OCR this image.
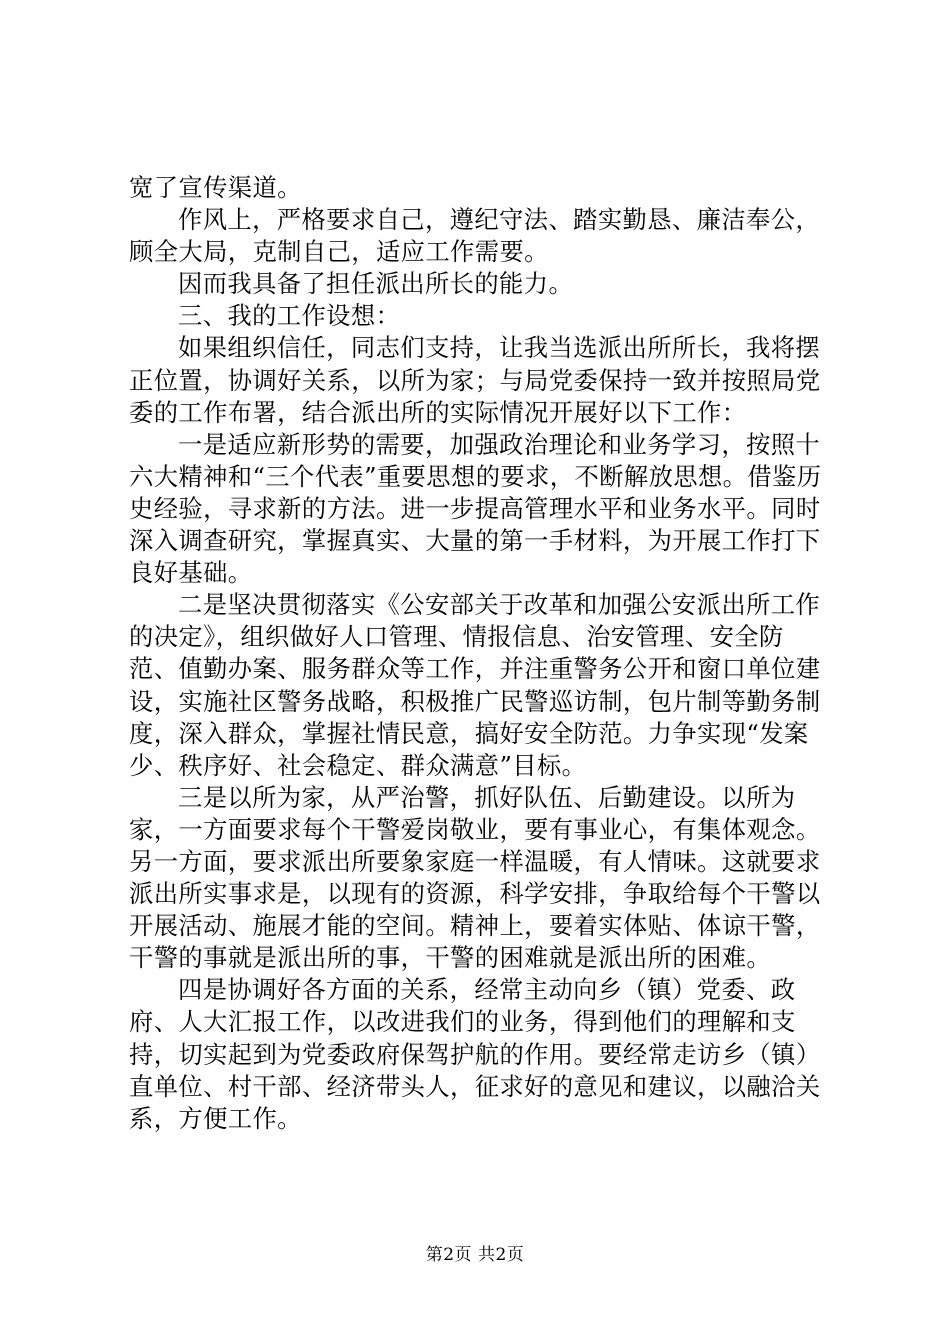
宽了宣传渠道。

作风上，严格要求自己，遵纪守法、踏实勤恳、廉洁奉公，顾全大局，克制自己，适应工作需要。

因而我具备了担任派出所长的能力。

三、我的工作设想：

如果组织信任，同志们支持，让我当选派出所所长，我将摆正位置，协调好关系，以所为家；与局党委保持一致并按照局党委的工作布署，结合派出所的实际情况开展好以下工作：

一是适应新形势的需要，加强政治理论和业务学习，按照十六大精神和“三个代表”重要思想的要求，不断解放思想。借鉴历史经验，寻求新的方法。进一步提高管理水平和业务水平。同时深入调查研究，掌握真实、大量的第一手材料，为开展工作打下良好基础。

二是坚决贯彻落实《公安部关于改革和加强公安派出所工作的决定》，组织做好人口管理、情报信息、治安管理、安全防范、值勤办案、服务群众等工作，并注重警务公开和窗口单位建设，实施社区警务战略，积极推广民警巡访制，包片制等勤务制度，深入群众，掌握社情民意，搞好安全防范。力争实现“发案少、秩序好、社会稳定、群众满意”目标。

三是以所为家，从严治警，抓好队伍、后勤建设。以所为家，一方面要求每个干警爱岗敬业，要有事业心，有集体观念。另一方面，要求派出所要象家庭一样温暖，有人情味。这就要求派出所实事求是，以现有的资源，科学安排，争取给每个干警以开展活动、施展才能的空间。精神上，要着实体贴、体谅干警，干警的事就是派出所的事，干警的困难就是派出所的困难。

四是协调好各方面的关系，经常主动向乡（镇）党委、政府、人大汇报工作，以改进我们的业务，得到他们的理解和支持，切实起到为党委政府保驾护航的作用。要经常走访乡（镇）直单位、村干部、经济带头人，征求好的意见和建议，以融洽关系，方便工作。

第2页 共2页
